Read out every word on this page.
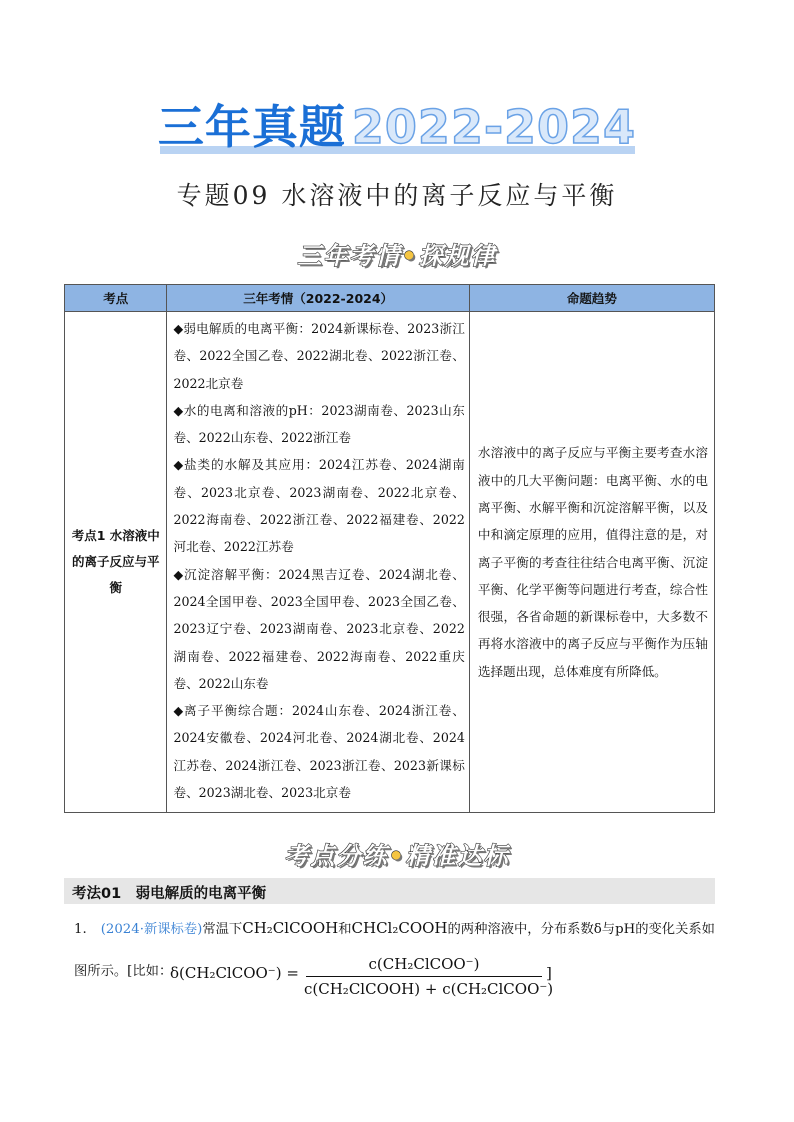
三年真题 2022-2024
专题09 水溶液中的离子反应与平衡
三年考情•探规律
考点	三年考情（2022-2024）	命题趋势
考点1 水溶液中的离子反应与平衡	◆弱电解质的电离平衡：2024新课标卷、2023浙江卷、2022全国乙卷、2022湖北卷、2022浙江卷、2022北京卷
◆水的电离和溶液的pH：2023湖南卷、2023山东卷、2022山东卷、2022浙江卷
◆盐类的水解及其应用：2024江苏卷、2024湖南卷、2023北京卷、2023湖南卷、2022北京卷、2022海南卷、2022浙江卷、2022福建卷、2022河北卷、2022江苏卷
◆沉淀溶解平衡：2024黑吉辽卷、2024湖北卷、2024全国甲卷、2023全国甲卷、2023全国乙卷、2023辽宁卷、2023湖南卷、2023北京卷、2022湖南卷、2022福建卷、2022海南卷、2022重庆卷、2022山东卷
◆离子平衡综合题：2024山东卷、2024浙江卷、2024安徽卷、2024河北卷、2024湖北卷、2024江苏卷、2024浙江卷、2023浙江卷、2023新课标卷、2023湖北卷、2023北京卷	水溶液中的离子反应与平衡主要考查水溶液中的几大平衡问题：电离平衡、水的电离平衡、水解平衡和沉淀溶解平衡，以及中和滴定原理的应用，值得注意的是，对离子平衡的考查往往结合电离平衡、沉淀平衡、化学平衡等问题进行考查，综合性很强，各省命题的新课标卷中，大多数不再将水溶液中的离子反应与平衡作为压轴选择题出现，总体难度有所降低。
考点分练•精准达标
考法01　弱电解质的电离平衡
1. (2024·新课标卷)常温下CH₂ClCOOH和CHCl₂COOH的两种溶液中，分布系数δ与pH的变化关系如
图所示。[比如：
δ(CH₂ClCOO⁻) =	c(CH₂ClCOO⁻)
c(CH₂ClCOOH) + c(CH₂ClCOO⁻)
]
